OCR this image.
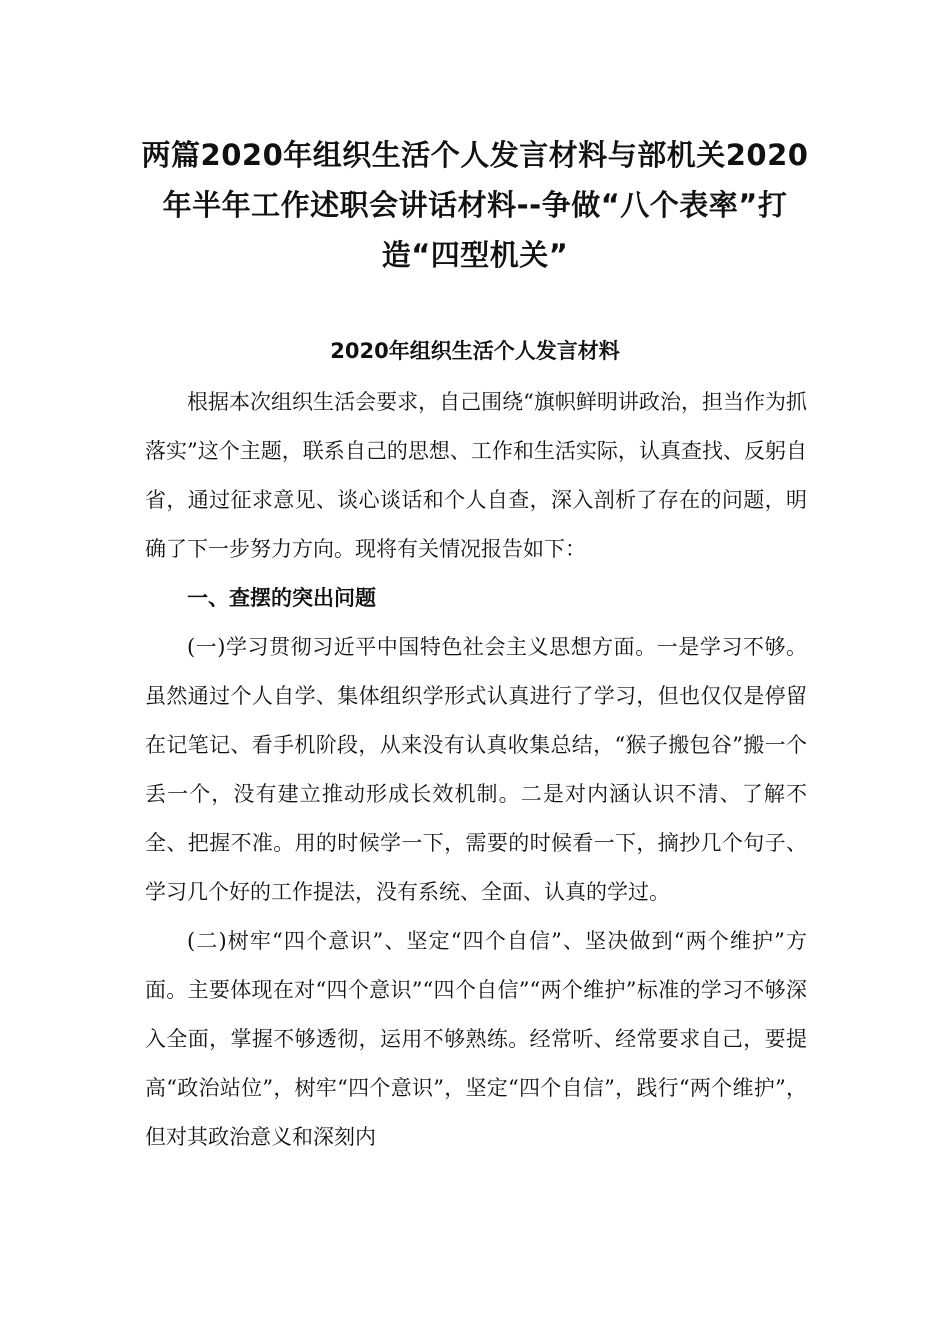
两篇2020年组织生活个人发言材料与部机关2020年半年工作述职会讲话材料--争做“八个表率”打造“四型机关”
2020年组织生活个人发言材料

根据本次组织生活会要求，自己围绕“旗帜鲜明讲政治，担当作为抓落实”这个主题，联系自己的思想、工作和生活实际，认真查找、反躬自省，通过征求意见、谈心谈话和个人自查，深入剖析了存在的问题，明确了下一步努力方向。现将有关情况报告如下：

一、查摆的突出问题

(一)学习贯彻习近平中国特色社会主义思想方面。一是学习不够。虽然通过个人自学、集体组织学形式认真进行了学习，但也仅仅是停留在记笔记、看手机阶段，从来没有认真收集总结，“猴子搬包谷”搬一个丢一个，没有建立推动形成长效机制。二是对内涵认识不清、了解不全、把握不准。用的时候学一下，需要的时候看一下，摘抄几个句子、学习几个好的工作提法，没有系统、全面、认真的学过。

(二)树牢“四个意识”、坚定“四个自信”、坚决做到“两个维护”方面。主要体现在对“四个意识”“四个自信”“两个维护”标准的学习不够深入全面，掌握不够透彻，运用不够熟练。经常听、经常要求自己，要提高“政治站位”，树牢“四个意识”，坚定“四个自信”，践行“两个维护”，但对其政治意义和深刻内
